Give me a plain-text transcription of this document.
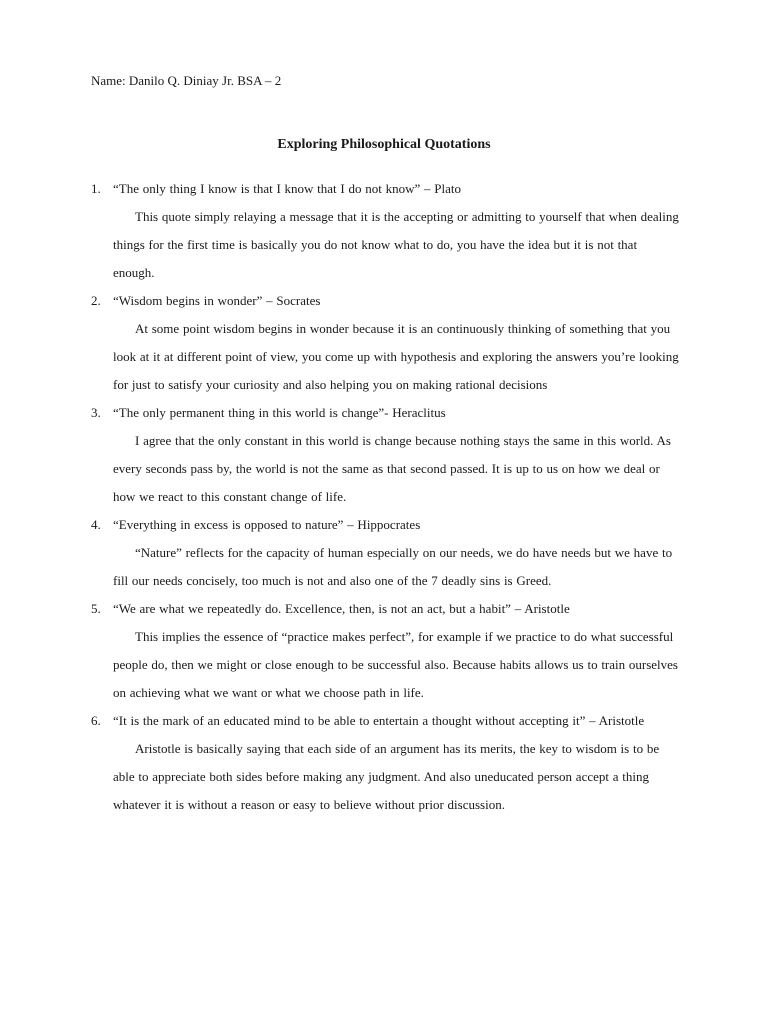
Name: Danilo Q. Diniay Jr. BSA – 2
Exploring Philosophical Quotations
1. “The only thing I know is that I know that I do not know” – Plato
This quote simply relaying a message that it is the accepting or admitting to yourself that when dealing things for the first time is basically you do not know what to do, you have the idea but it is not that enough.
2. “Wisdom begins in wonder” – Socrates
At some point wisdom begins in wonder because it is an continuously thinking of something that you look at it at different point of view, you come up with hypothesis and exploring the answers you’re looking for just to satisfy your curiosity and also helping you on making rational decisions
3. “The only permanent thing in this world is change”- Heraclitus
I agree that the only constant in this world is change because nothing stays the same in this world. As every seconds pass by, the world is not the same as that second passed. It is up to us on how we deal or how we react to this constant change of life.
4. “Everything in excess is opposed to nature” – Hippocrates
“Nature” reflects for the capacity of human especially on our needs, we do have needs but we have to fill our needs concisely, too much is not and also one of the 7 deadly sins is Greed.
5. “We are what we repeatedly do. Excellence, then, is not an act, but a habit” – Aristotle
This implies the essence of “practice makes perfect”, for example if we practice to do what successful people do, then we might or close enough to be successful also. Because habits allows us to train ourselves on achieving what we want or what we choose path in life.
6. “It is the mark of an educated mind to be able to entertain a thought without accepting it” – Aristotle
Aristotle is basically saying that each side of an argument has its merits, the key to wisdom is to be able to appreciate both sides before making any judgment. And also uneducated person accept a thing whatever it is without a reason or easy to believe without prior discussion.
